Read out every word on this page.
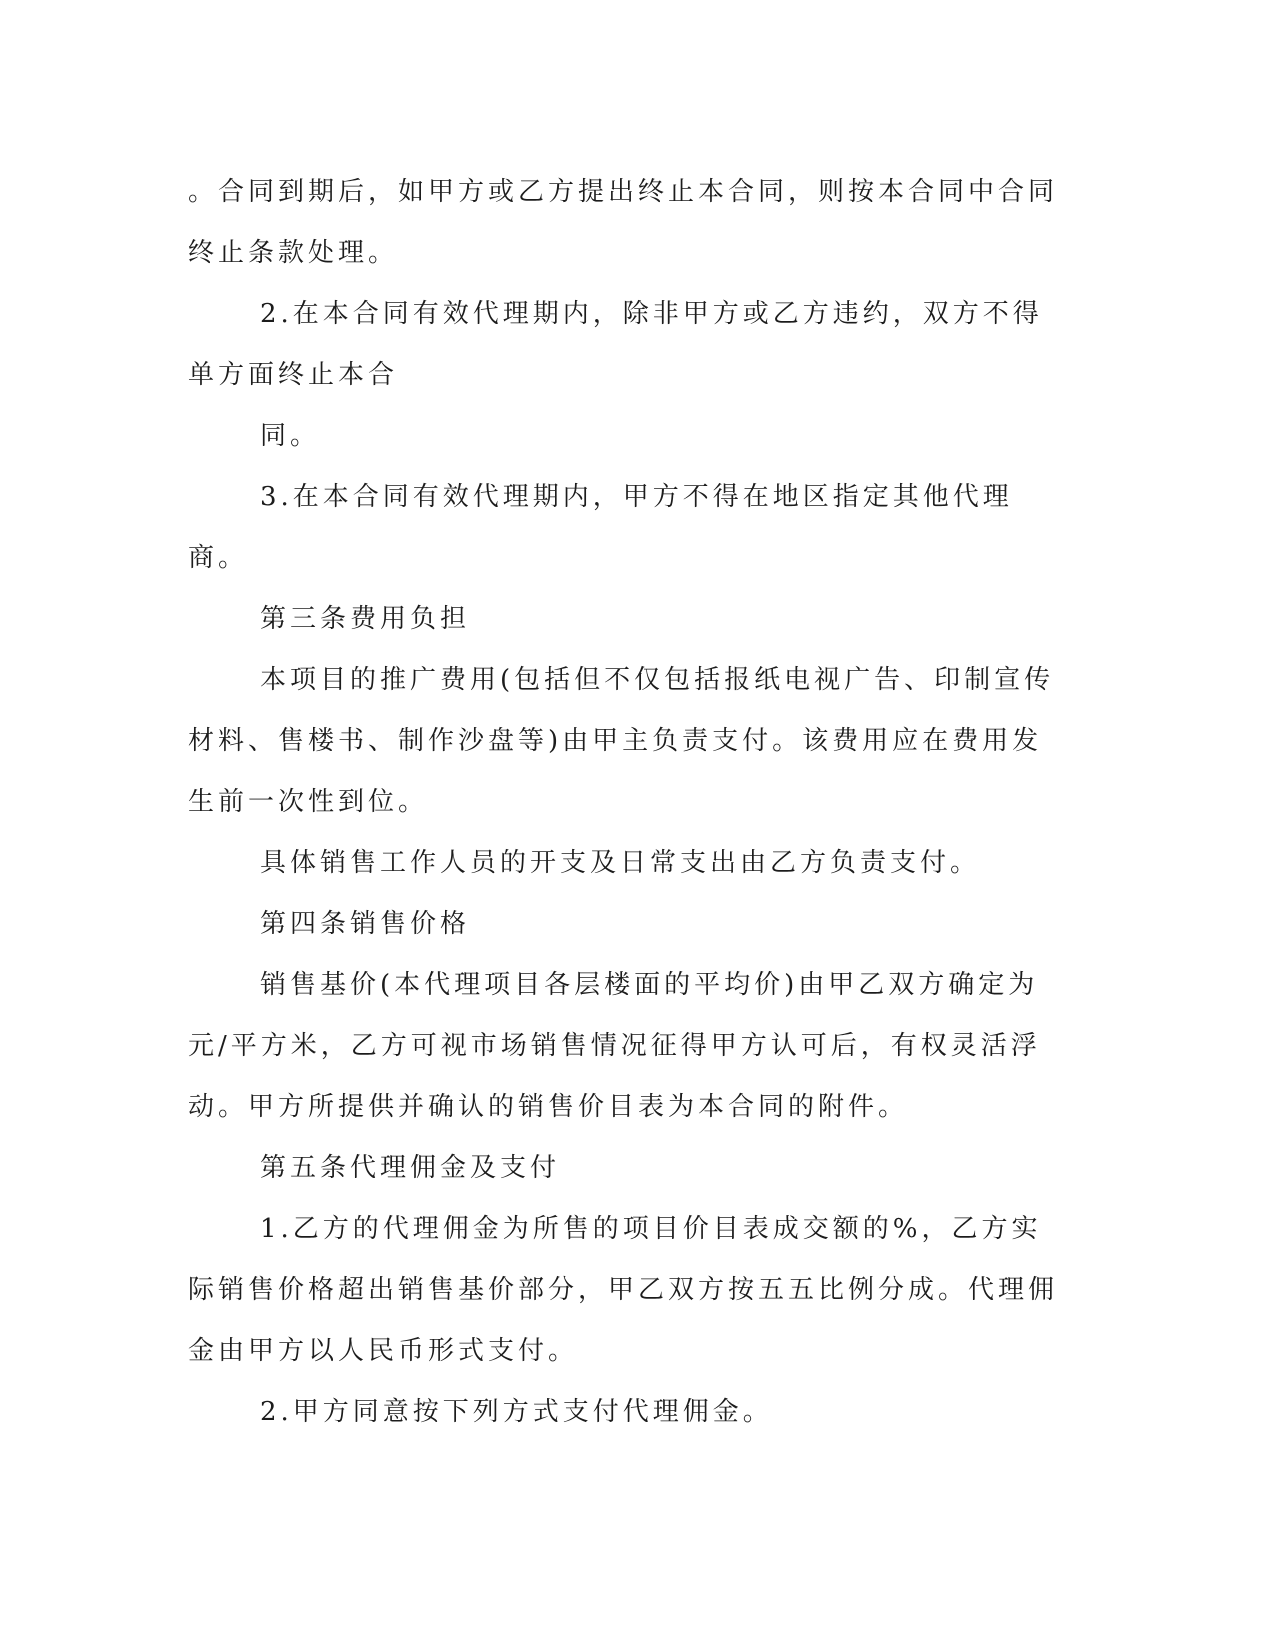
。合同到期后，如甲方或乙方提出终止本合同，则按本合同中合同终止条款处理。

2.在本合同有效代理期内，除非甲方或乙方违约，双方不得单方面终止本合

同。

3.在本合同有效代理期内，甲方不得在地区指定其他代理商。

第三条费用负担

本项目的推广费用(包括但不仅包括报纸电视广告、印制宣传材料、售楼书、制作沙盘等)由甲主负责支付。该费用应在费用发生前一次性到位。

具体销售工作人员的开支及日常支出由乙方负责支付。

第四条销售价格

销售基价(本代理项目各层楼面的平均价)由甲乙双方确定为元/平方米，乙方可视市场销售情况征得甲方认可后，有权灵活浮动。甲方所提供并确认的销售价目表为本合同的附件。

第五条代理佣金及支付

1.乙方的代理佣金为所售的项目价目表成交额的%，乙方实际销售价格超出销售基价部分，甲乙双方按五五比例分成。代理佣金由甲方以人民币形式支付。

2.甲方同意按下列方式支付代理佣金。
